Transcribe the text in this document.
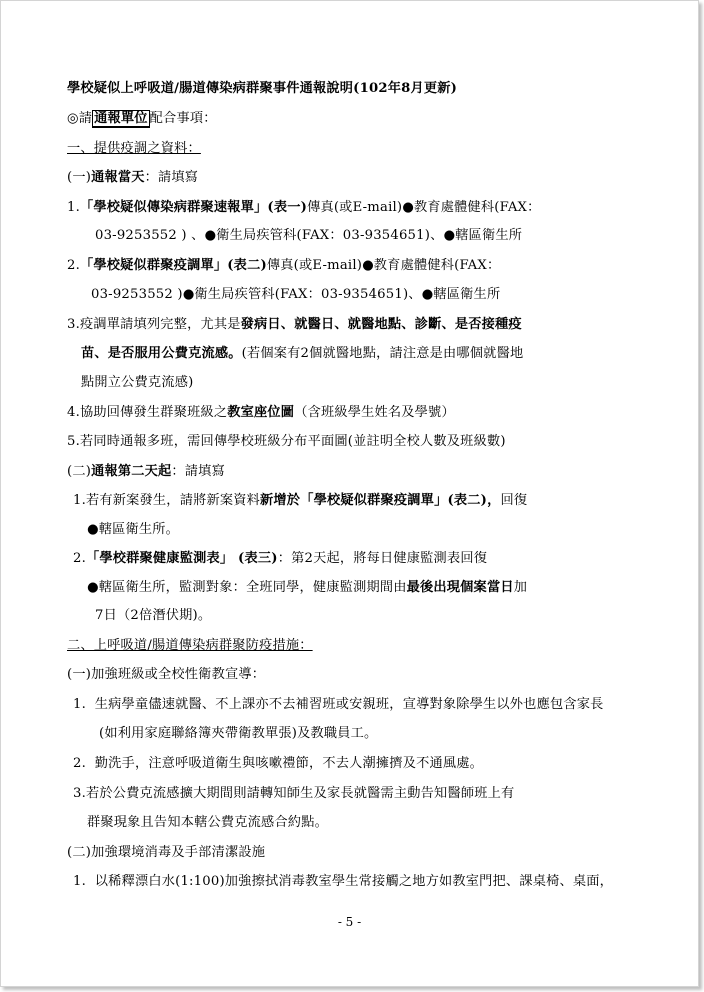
學校疑似上呼吸道/腸道傳染病群聚事件通報說明(102年8月更新)
◎請 通報單位 配合事項：
一、提供疫調之資料：
(一)通報當天：請填寫
1.「學校疑似傳染病群聚速報單」(表一)傳真(或E-mail)●教育處體健科(FAX：
03-9253552 ) 、●衛生局疾管科(FAX：03-9354651)、●轄區衛生所
2.「學校疑似群聚疫調單」(表二)傳真(或E-mail)●教育處體健科(FAX：
03-9253552 )●衛生局疾管科(FAX：03-9354651)、●轄區衛生所
3.疫調單請填列完整，尤其是發病日、就醫日、就醫地點、診斷、是否接種疫
苗、是否服用公費克流感。(若個案有2個就醫地點，請注意是由哪個就醫地
點開立公費克流感)
4.協助回傳發生群聚班級之教室座位圖（含班級學生姓名及學號）
5.若同時通報多班，需回傳學校班級分布平面圖(並註明全校人數及班級數)
(二)通報第二天起：請填寫
1.若有新案發生，請將新案資料新增於「學校疑似群聚疫調單」(表二)，回復
●轄區衛生所。
2.「學校群聚健康監測表」 (表三)：第2天起，將每日健康監測表回復
●轄區衛生所，監測對象：全班同學，健康監測期間由最後出現個案當日加
7日（2倍潛伏期)。
二、上呼吸道/腸道傳染病群聚防疫措施：
(一)加強班級或全校性衛教宣導：
1. 生病學童儘速就醫、不上課亦不去補習班或安親班，宣導對象除學生以外也應包含家長
(如利用家庭聯絡簿夾帶衛教單張)及教職員工。
2. 勤洗手，注意呼吸道衛生與咳嗽禮節，不去人潮擁擠及不通風處。
3.若於公費克流感擴大期間則請轉知師生及家長就醫需主動告知醫師班上有
群聚現象且告知本轄公費克流感合約點。
(二)加強環境消毒及手部清潔設施
1. 以稀釋漂白水(1:100)加強擦拭消毒教室學生常接觸之地方如教室門把、課桌椅、桌面，
- 5 -
